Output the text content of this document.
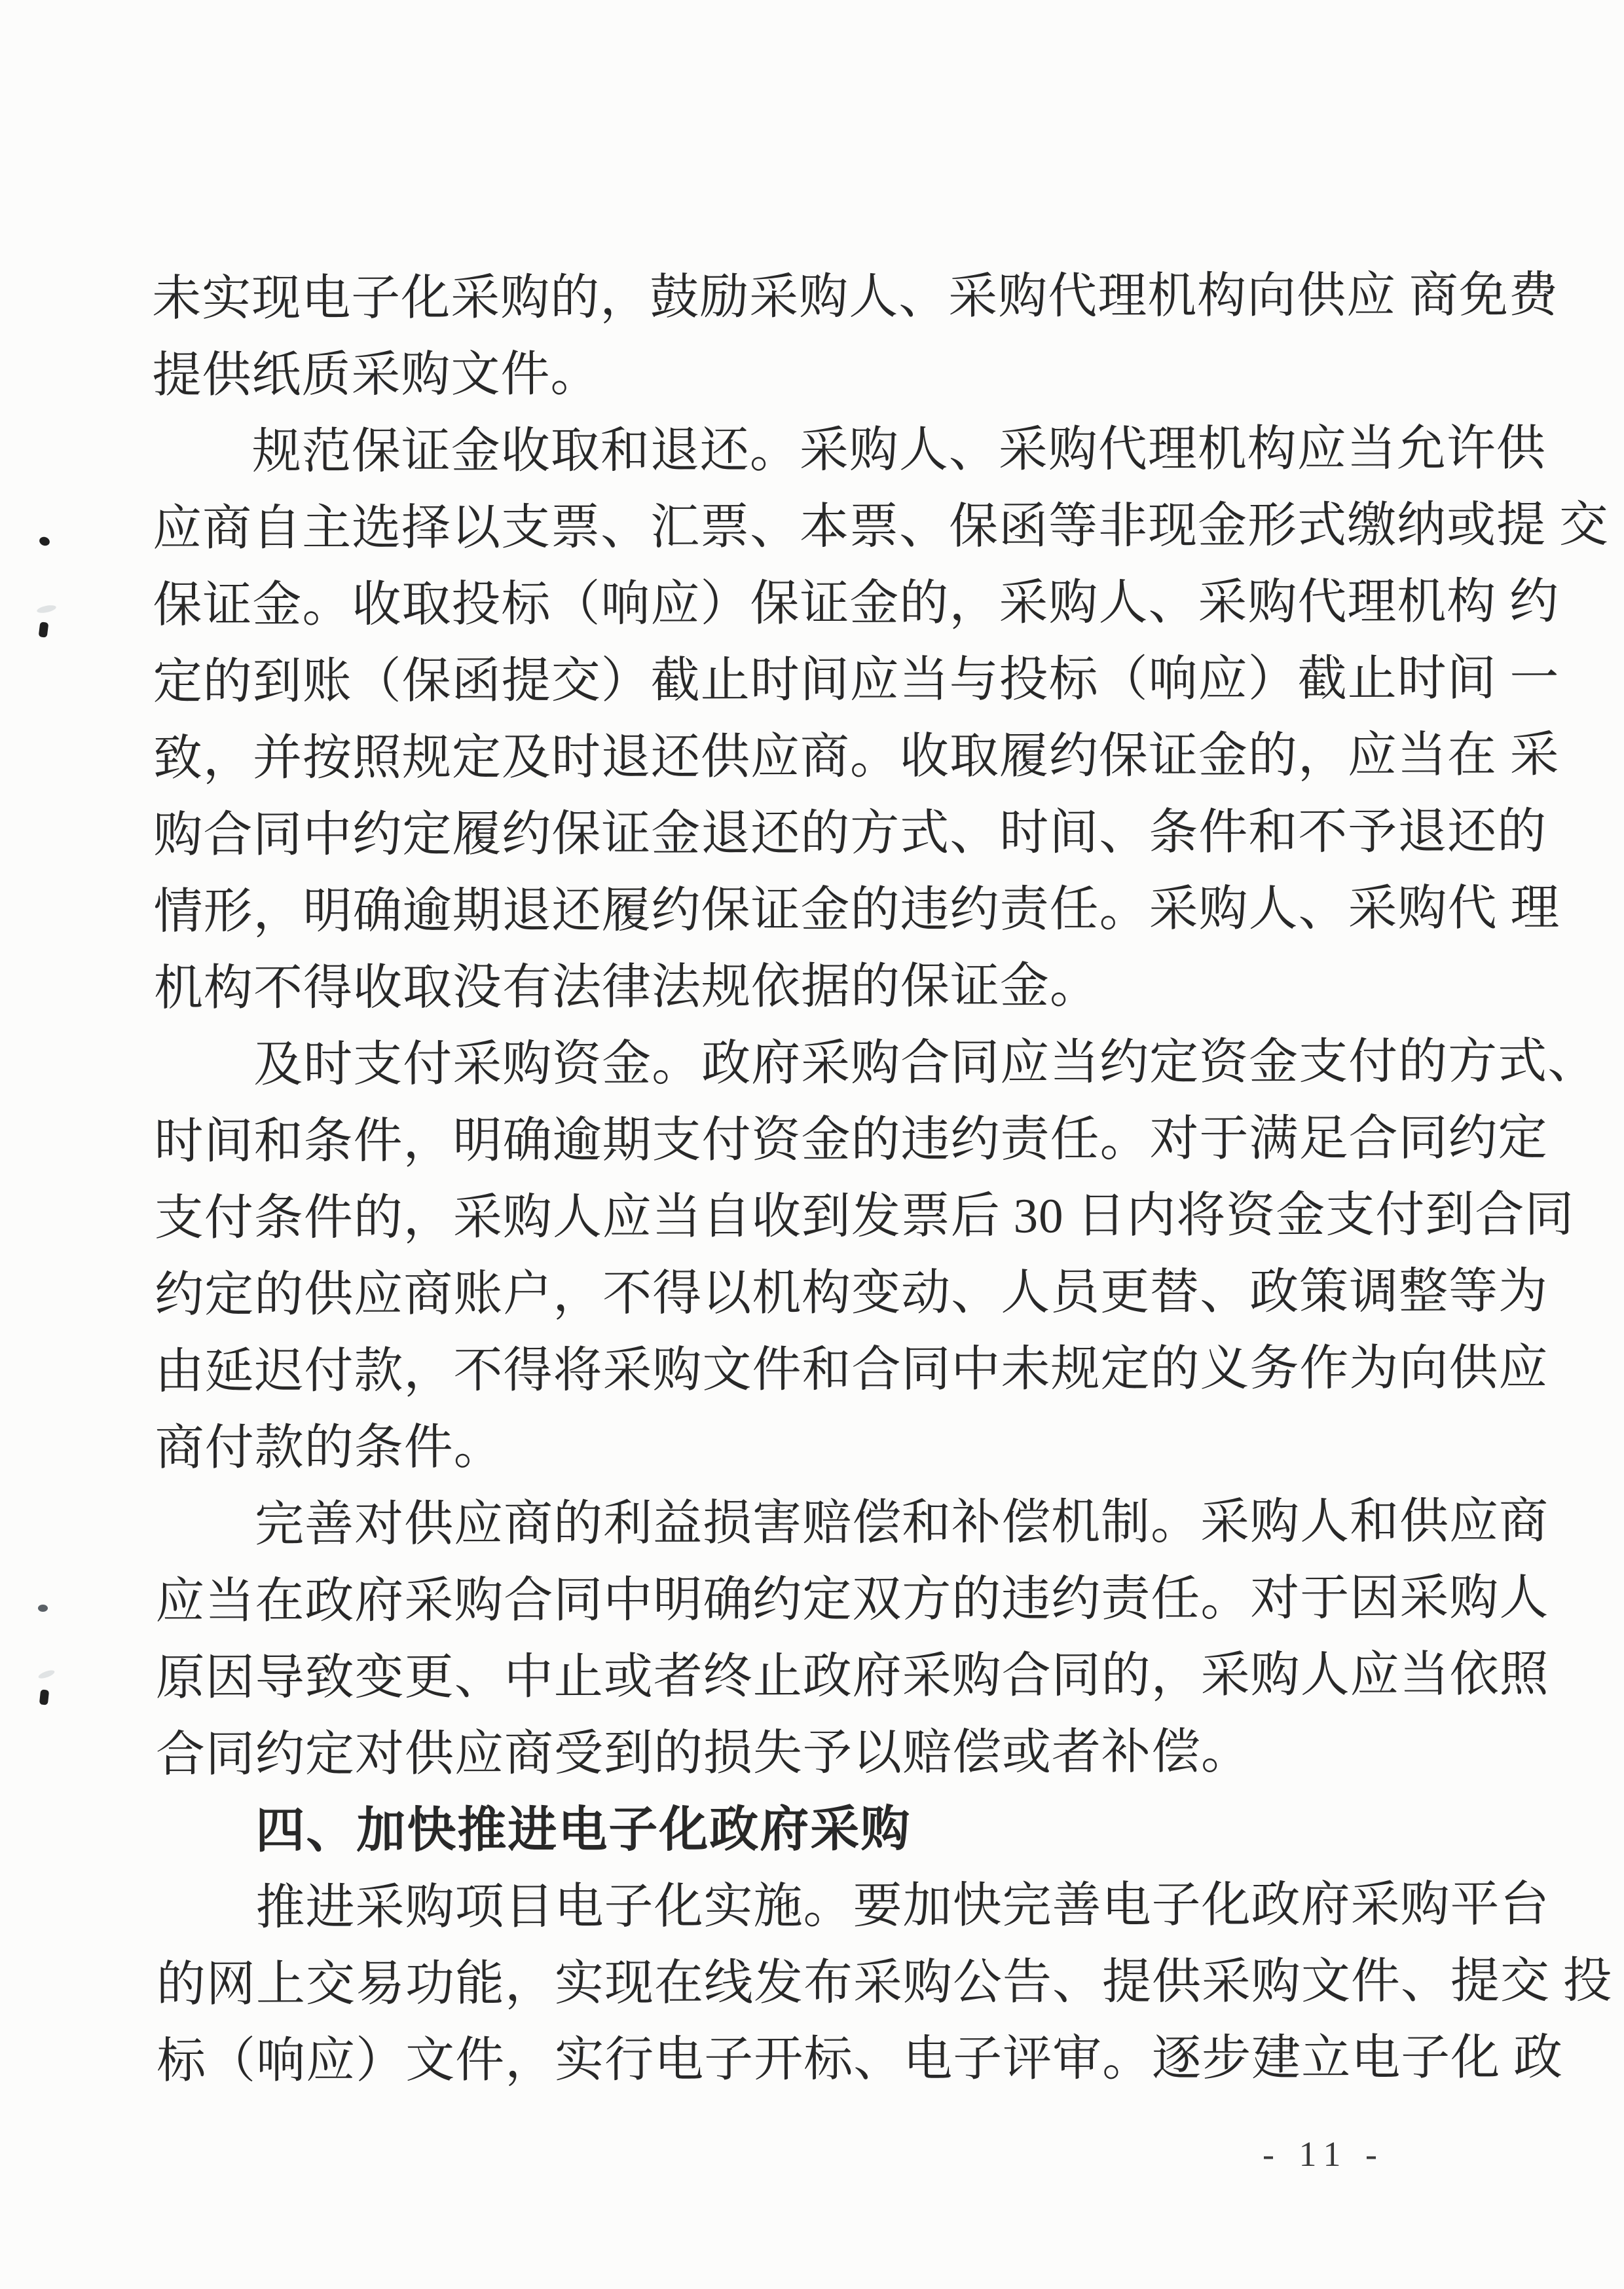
未实现电子化采购的，鼓励采购人、采购代理机构向供应 商免费
提供纸质采购文件。
规范保证金收取和退还。采购人、采购代理机构应当允许供
应商自主选择以支票、汇票、本票、保函等非现金形式缴纳或提 交
保证金。收取投标（响应）保证金的，采购人、采购代理机构 约
定的到账（保函提交）截止时间应当与投标（响应）截止时间 一
致，并按照规定及时退还供应商。收取履约保证金的，应当在 采
购合同中约定履约保证金退还的方式、时间、条件和不予退还的
情形，明确逾期退还履约保证金的违约责任。采购人、采购代 理
机构不得收取没有法律法规依据的保证金。
及时支付采购资金。政府采购合同应当约定资金支付的方式、
时间和条件，明确逾期支付资金的违约责任。对于满足合同约定
支付条件的，采购人应当自收到发票后 30 日内将资金支付到合同
约定的供应商账户，不得以机构变动、人员更替、政策调整等为
由延迟付款，不得将采购文件和合同中未规定的义务作为向供应
商付款的条件。
完善对供应商的利益损害赔偿和补偿机制。采购人和供应商
应当在政府采购合同中明确约定双方的违约责任。对于因采购人
原因导致变更、中止或者终止政府采购合同的，采购人应当依照
合同约定对供应商受到的损失予以赔偿或者补偿。
四、加快推进电子化政府采购
推进采购项目电子化实施。要加快完善电子化政府采购平台
的网上交易功能，实现在线发布采购公告、提供采购文件、提交 投
标（响应）文件，实行电子开标、电子评审。逐步建立电子化 政
- 11 -
